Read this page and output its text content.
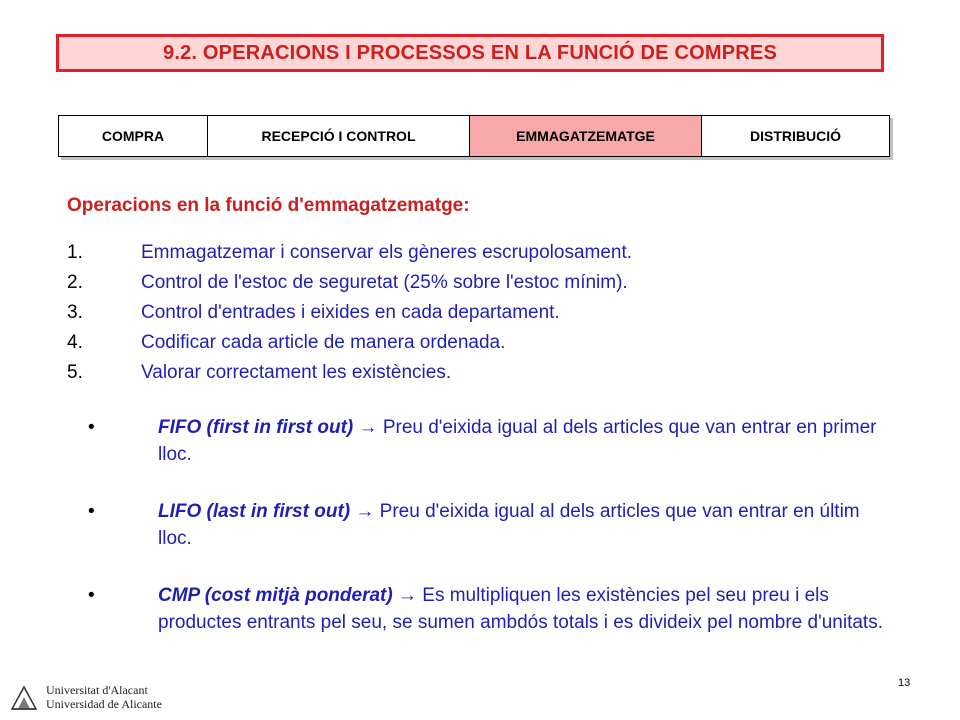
9.2. OPERACIONS I PROCESSOS EN LA FUNCIÓ DE COMPRES
COMPRA	RECEPCIÓ I CONTROL	EMMAGATZEMATGE	DISTRIBUCIÓ
Operacions en la funció d'emmagatzematge:
1.	Emmagatzemar i conservar els gèneres escrupolosament.
2.	Control de l'estoc de seguretat (25% sobre l'estoc mínim).
3.	Control d'entrades i eixides en cada departament.
4.	Codificar cada article de manera ordenada.
5.	Valorar correctament les existències.
•	FIFO (first in first out) → Preu d'eixida igual al dels articles que van entrar en primer lloc.
•	LIFO (last in first out) → Preu d'eixida igual al dels articles que van entrar en últim lloc.
•	CMP (cost mitjà ponderat) → Es multipliquen les existències pel seu preu i els productes entrants pel seu, se sumen ambdós totals i es divideix pel nombre d'unitats.
Universitat d'Alacant
Universidad de Alicante
13
